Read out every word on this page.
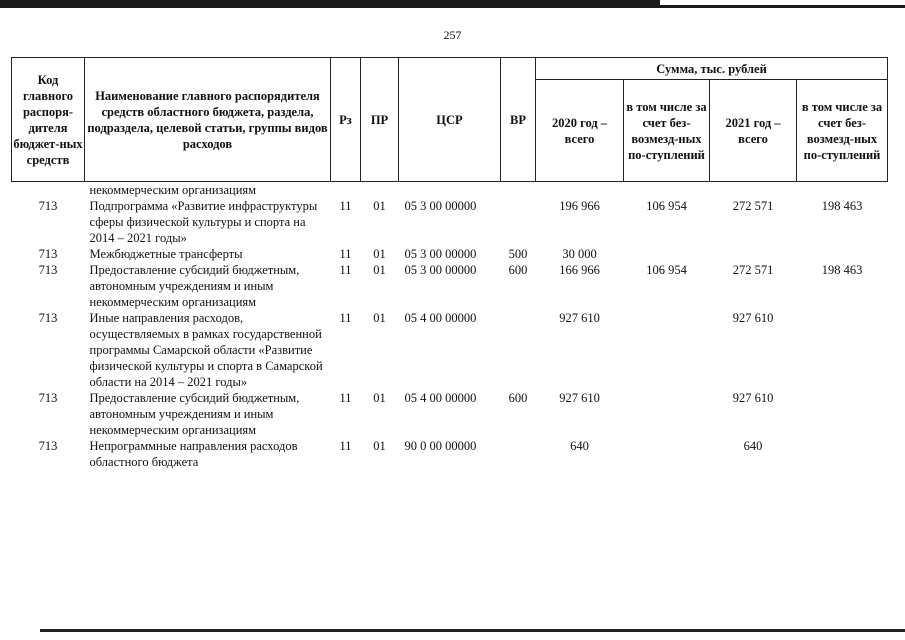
257
Код главного распоря-дителя бюджет-ных средств	Наименование главного распорядителя средств областного бюджета, раздела, подраздела, целевой статьи, группы видов расходов	Рз	ПР	ЦСР	ВР	Сумма, тыс. рублей			
						2020 год – всего	в том числе за счет без-возмезд-ных по-ступлений	2021 год – всего	в том числе за счет без-возмезд-ных по-ступлений
	некоммерческим организациям								
713	Подпрограмма «Развитие инфраструктуры сферы физической культуры и спорта на 2014 – 2021 годы»	11	01	05 3 00 00000		196 966	106 954	272 571	198 463
713	Межбюджетные трансферты	11	01	05 3 00 00000	500	30 000			
713	Предоставление субсидий бюджетным, автономным учреждениям и иным некоммерческим организациям	11	01	05 3 00 00000	600	166 966	106 954	272 571	198 463
713	Иные направления расходов, осуществляемых в рамках государственной программы Самарской области «Развитие физической культуры и спорта в Самарской области на 2014 – 2021 годы»	11	01	05 4 00 00000		927 610		927 610	
713	Предоставление субсидий бюджетным, автономным учреждениям и иным некоммерческим организациям	11	01	05 4 00 00000	600	927 610		927 610	
713	Непрограммные направления расходов областного бюджета	11	01	90 0 00 00000		640		640	
